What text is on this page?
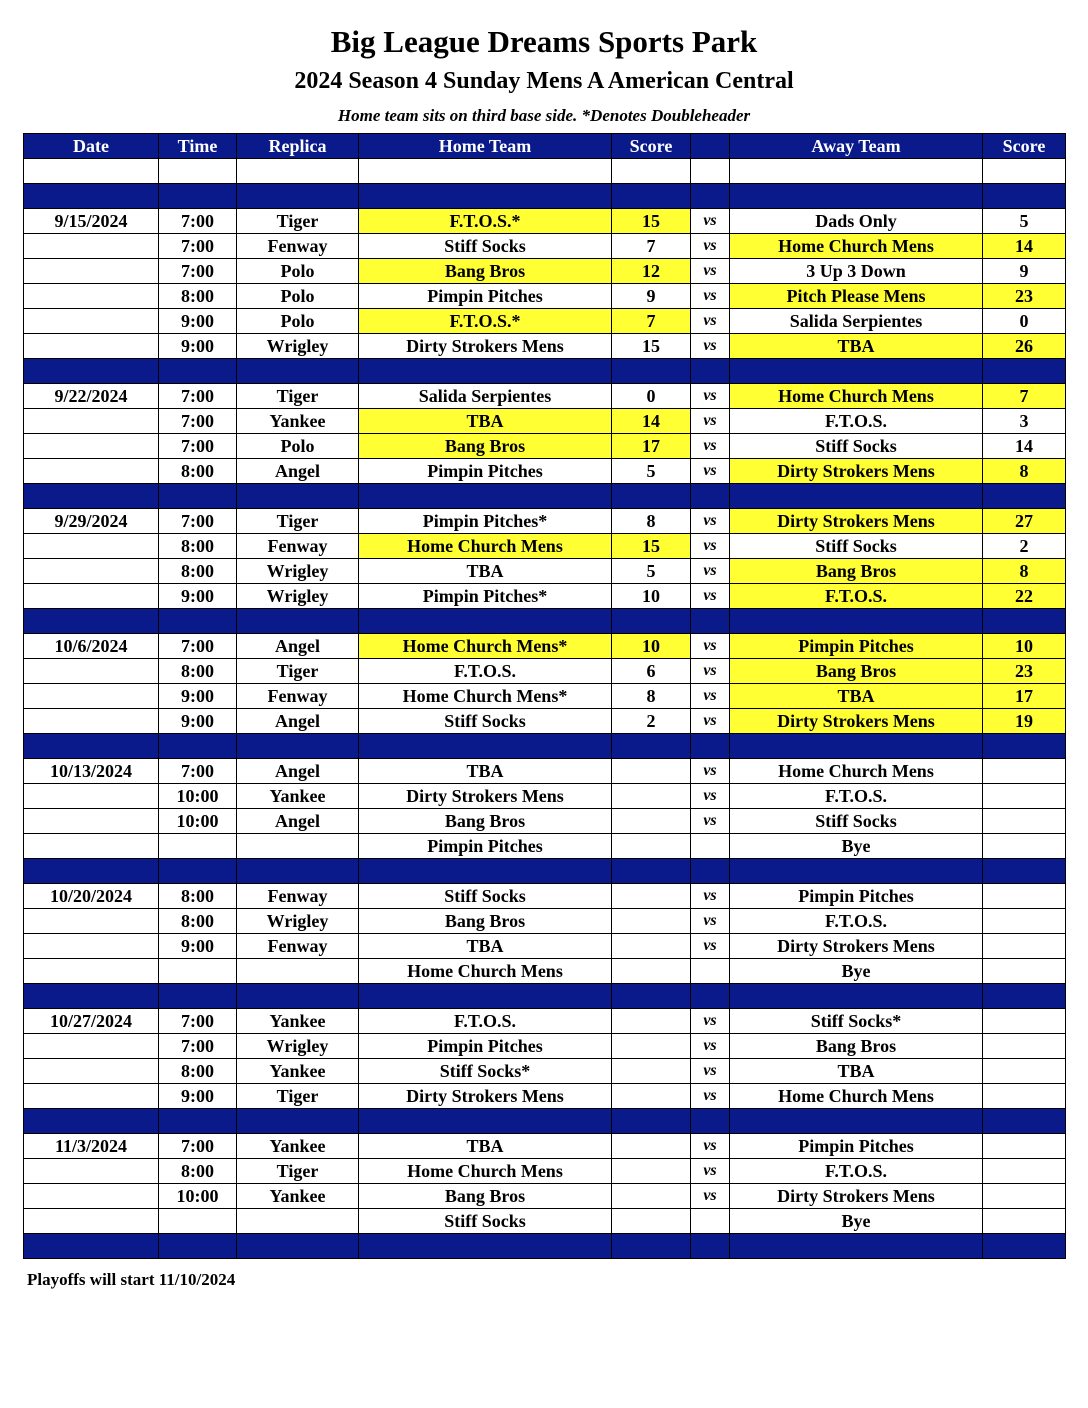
Big League Dreams Sports Park
2024 Season 4 Sunday Mens A American Central
Home team sits on third base side. *Denotes Doubleheader
Date	Time	Replica	Home Team	Score		Away Team	Score

9/15/2024	7:00	Tiger	F.T.O.S.*	15	vs	Dads Only	5
	7:00	Fenway	Stiff Socks	7	vs	Home Church Mens	14
	7:00	Polo	Bang Bros	12	vs	3 Up 3 Down	9
	8:00	Polo	Pimpin Pitches	9	vs	Pitch Please Mens	23
	9:00	Polo	F.T.O.S.*	7	vs	Salida Serpientes	0
	9:00	Wrigley	Dirty Strokers Mens	15	vs	TBA	26

9/22/2024	7:00	Tiger	Salida Serpientes	0	vs	Home Church Mens	7
	7:00	Yankee	TBA	14	vs	F.T.O.S.	3
	7:00	Polo	Bang Bros	17	vs	Stiff Socks	14
	8:00	Angel	Pimpin Pitches	5	vs	Dirty Strokers Mens	8

9/29/2024	7:00	Tiger	Pimpin Pitches*	8	vs	Dirty Strokers Mens	27
	8:00	Fenway	Home Church Mens	15	vs	Stiff Socks	2
	8:00	Wrigley	TBA	5	vs	Bang Bros	8
	9:00	Wrigley	Pimpin Pitches*	10	vs	F.T.O.S.	22

10/6/2024	7:00	Angel	Home Church Mens*	10	vs	Pimpin Pitches	10
	8:00	Tiger	F.T.O.S.	6	vs	Bang Bros	23
	9:00	Fenway	Home Church Mens*	8	vs	TBA	17
	9:00	Angel	Stiff Socks	2	vs	Dirty Strokers Mens	19

10/13/2024	7:00	Angel	TBA		vs	Home Church Mens	
	10:00	Yankee	Dirty Strokers Mens		vs	F.T.O.S.	
	10:00	Angel	Bang Bros		vs	Stiff Socks	
			Pimpin Pitches			Bye	

10/20/2024	8:00	Fenway	Stiff Socks		vs	Pimpin Pitches	
	8:00	Wrigley	Bang Bros		vs	F.T.O.S.	
	9:00	Fenway	TBA		vs	Dirty Strokers Mens	
			Home Church Mens			Bye	

10/27/2024	7:00	Yankee	F.T.O.S.		vs	Stiff Socks*	
	7:00	Wrigley	Pimpin Pitches		vs	Bang Bros	
	8:00	Yankee	Stiff Socks*		vs	TBA	
	9:00	Tiger	Dirty Strokers Mens		vs	Home Church Mens	

11/3/2024	7:00	Yankee	TBA		vs	Pimpin Pitches	
	8:00	Tiger	Home Church Mens		vs	F.T.O.S.	
	10:00	Yankee	Bang Bros		vs	Dirty Strokers Mens	
			Stiff Socks			Bye	

Playoffs will start 11/10/2024
